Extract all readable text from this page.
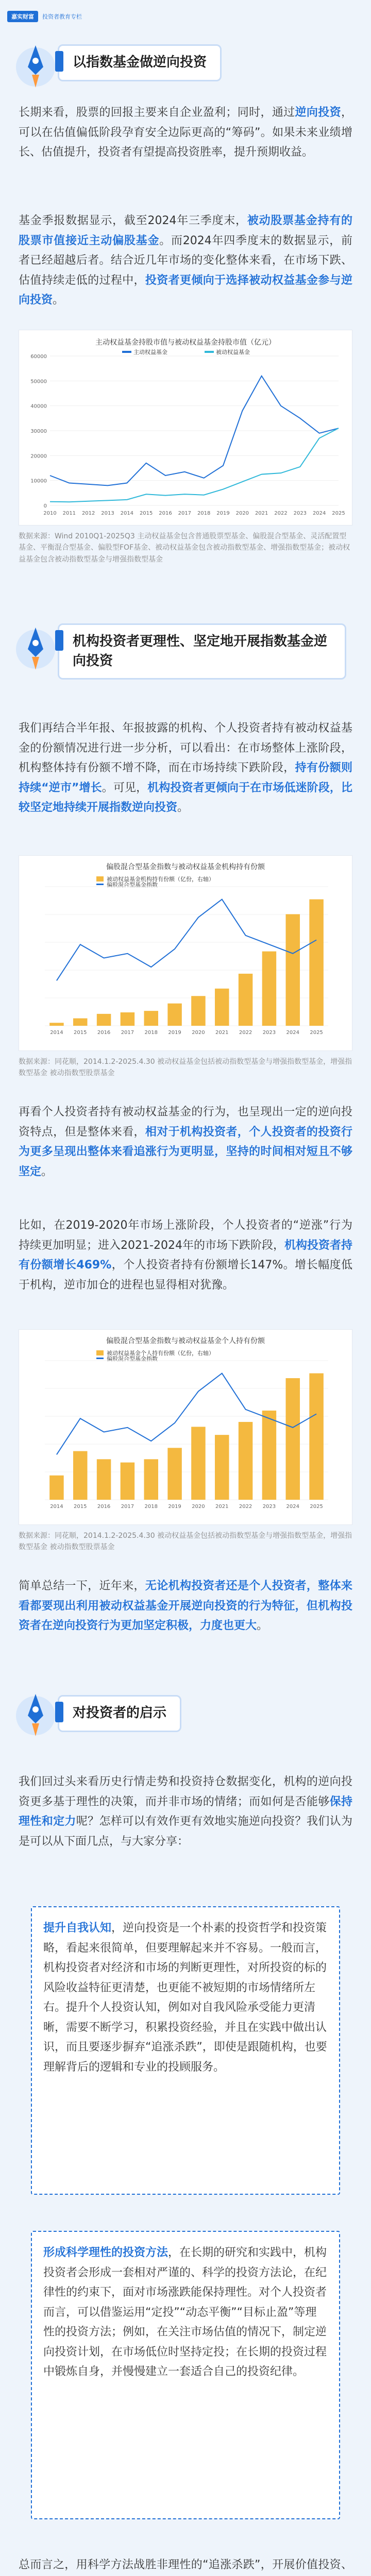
嘉实财富	投资者教育专栏
以指数基金做逆向投资
长期来看，股票的回报主要来自企业盈利；同时，通过逆向投资，可以在估值偏低阶段孕育安全边际更高的“筹码”。如果未来业绩增长、估值提升，投资者有望提高投资胜率，提升预期收益。
基金季报数据显示，截至2024年三季度末，被动股票基金持有的股票市值接近主动偏股基金。而2024年四季度末的数据显示，前者已经超越后者。结合近几年市场的变化整体来看，在市场下跌、估值持续走低的过程中，投资者更倾向于选择被动权益基金参与逆向投资。
主动权益基金持股市值与被动权益基金持股市值（亿元）
0
10000
20000
30000
40000
50000
60000
主动权益基金	被动权益基金
2010 2011 2012 2013 2014 2015 2016 2017 2018 2019 2020 2021 2022 2023 2024 2025
数据来源：Wind 2010Q1-2025Q3 主动权益基金包含普通股票型基金、偏股混合型基金、灵活配置型基金、平衡混合型基金、偏股型FOF基金、被动权益基金包含被动指数型基金、增强指数型基金；被动权益基金包含被动指数型基金与增强指数型基金
机构投资者更理性、坚定地开展指数基金逆向投资
我们再结合半年报、年报披露的机构、个人投资者持有被动权益基金的份额情况进行进一步分析，可以看出：在市场整体上涨阶段，机构整体持有份额不增不降，而在市场持续下跌阶段，持有份额则持续“逆市”增长。可见，机构投资者更倾向于在市场低迷阶段，比较坚定地持续开展指数逆向投资。
偏股混合型基金指数与被动权益基金机构持有份额
被动权益基金机构持有份额（亿份，右轴）
偏股混合型基金指数
2014 2015 2016 2017 2018 2019 2020 2021 2022 2023 2024 2025
数据来源：同花顺，2014.1.2-2025.4.30 被动权益基金包括被动指数型基金与增强指数型基金，增强指数型基金 被动指数型股票基金
再看个人投资者持有被动权益基金的行为，也呈现出一定的逆向投资特点，但是整体来看，相对于机构投资者，个人投资者的投资行为更多呈现出整体来看追涨行为更明显，坚持的时间相对短且不够坚定。
比如，在2019-2020年市场上涨阶段，个人投资者的“逆涨”行为持续更加明显；进入2021-2024年的市场下跌阶段，机构投资者持有份额增长469%，个人投资者持有份额增长147%。增长幅度低于机构，逆市加仓的进程也显得相对犹豫。
偏股混合型基金指数与被动权益基金个人持有份额
被动权益基金个人持有份额（亿份，右轴）
偏股混合型基金指数
2014 2015 2016 2017 2018 2019 2020 2021 2022 2023 2024 2025
数据来源：同花顺，2014.1.2-2025.4.30 被动权益基金包括被动指数型基金与增强指数型基金，增强指数型基金 被动指数型股票基金
简单总结一下，近年来，无论机构投资者还是个人投资者，整体来看都要现出利用被动权益基金开展逆向投资的行为特征，但机构投资者在逆向投资行为更加坚定积极，力度也更大。
对投资者的启示
我们回过头来看历史行情走势和投资持仓数据变化，机构的逆向投资更多基于理性的决策，而并非市场的情绪；而如何是否能够保持理性和定力呢？怎样可以有效作更有效地实施逆向投资？我们认为是可以从下面几点，与大家分享：
提升自我认知，逆向投资是一个朴素的投资哲学和投资策略，看起来很简单，但要理解起来并不容易。一般而言，机构投资者对经济和市场的判断更理性，对所投资的标的风险收益特征更清楚，也更能不被短期的市场情绪所左右。提升个人投资认知，例如对自我风险承受能力更清晰，需要不断学习，积累投资经验，并且在实践中做出认识，而且要逐步摒弃“追涨杀跌”，即使是跟随机构，也要理解背后的逻辑和专业的投顾服务。
形成科学理性的投资方法，在长期的研究和实践中，机构投资者会形成一套相对严谨的、科学的投资方法论，在纪律性的约束下，面对市场涨跌能保持理性。对个人投资者而言，可以借鉴运用“定投”“动态平衡”“目标止盈”等理性的投资方法；例如，在关注市场估值的情况下，制定逆向投资计划，在市场低位时坚持定投；在长期的投资过程中锻炼自身，并慢慢建立一套适合自己的投资纪律。
总而言之，用科学方法战胜非理性的“追涨杀跌”，开展价值投资、
